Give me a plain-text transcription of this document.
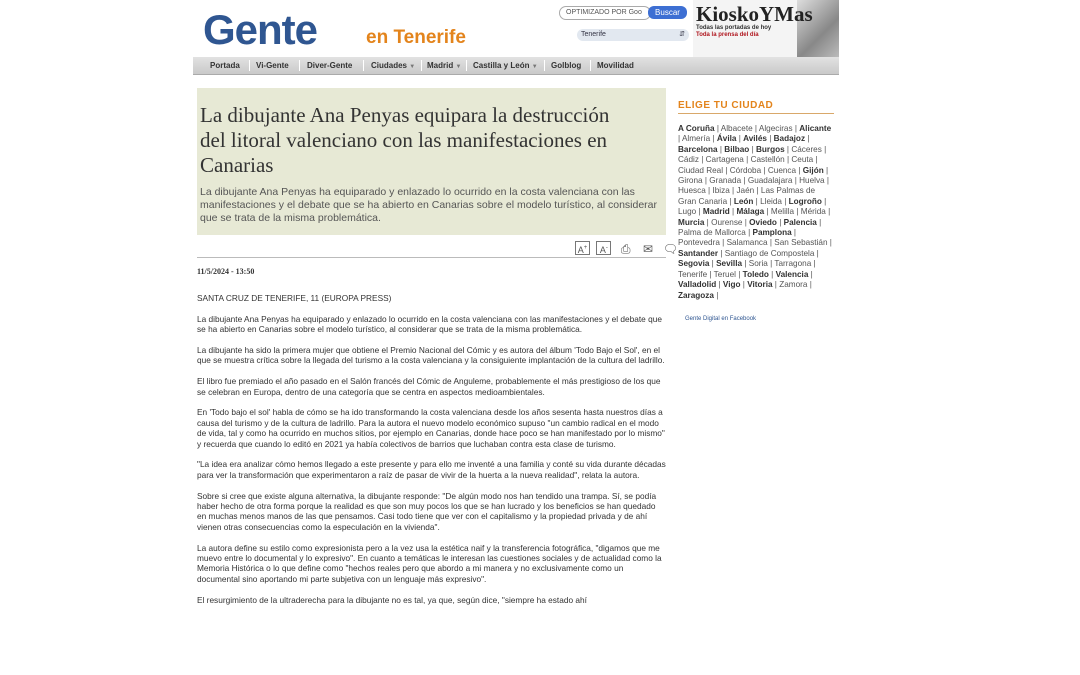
Gente	en Tenerife
OPTIMIZADO POR Goo	Buscar
Tenerife	⇵
KioskoYMas
Todas las portadas de hoy
Toda la prensa del día
Portada Vi-Gente Diver-Gente Ciudades ▼ Madrid ▼ Castilla y León ▼ Golblog Movilidad
La dibujante Ana Penyas equipara la destrucción del litoral valenciano con las manifestaciones en Canarias
La dibujante Ana Penyas ha equiparado y enlazado lo ocurrido en la costa valenciana con las manifestaciones y el debate que se ha abierto en Canarias sobre el modelo turístico, al considerar que se trata de la misma problemática.
A+ A- ⎙ ✉ 🗨
11/5/2024 - 13:50

SANTA CRUZ DE TENERIFE, 11 (EUROPA PRESS)

La dibujante Ana Penyas ha equiparado y enlazado lo ocurrido en la costa valenciana con las manifestaciones y el debate que se ha abierto en Canarias sobre el modelo turístico, al considerar que se trata de la misma problemática.

La dibujante ha sido la primera mujer que obtiene el Premio Nacional del Cómic y es autora del álbum 'Todo Bajo el Sol', en el que se muestra crítica sobre la llegada del turismo a la costa valenciana y la consiguiente implantación de la cultura del ladrillo.

El libro fue premiado el año pasado en el Salón francés del Cómic de Anguleme, probablemente el más prestigioso de los que se celebran en Europa, dentro de una categoría que se centra en aspectos medioambientales.

En 'Todo bajo el sol' habla de cómo se ha ido transformando la costa valenciana desde los años sesenta hasta nuestros días a causa del turismo y de la cultura de ladrillo. Para la autora el nuevo modelo económico supuso "un cambio radical en el modo de vida, tal y como ha ocurrido en muchos sitios, por ejemplo en Canarias, donde hace poco se han manifestado por lo mismo" y recuerda que cuando lo editó en 2021 ya había colectivos de barrios que luchaban contra esta clase de turismo.

"La idea era analizar cómo hemos llegado a este presente y para ello me inventé a una familia y conté su vida durante décadas para ver la transformación que experimentaron a raíz de pasar de vivir de la huerta a la nueva realidad", relata la autora.

Sobre si cree que existe alguna alternativa, la dibujante responde: "De algún modo nos han tendido una trampa. Sí, se podía haber hecho de otra forma porque la realidad es que son muy pocos los que se han lucrado y los beneficios se han quedado en muchas menos manos de las que pensamos. Casi todo tiene que ver con el capitalismo y la propiedad privada y de ahí vienen otras consecuencias como la especulación en la vivienda".

La autora define su estilo como expresionista pero a la vez usa la estética naif y la transferencia fotográfica, "digamos que me muevo entre lo documental y lo expresivo". En cuanto a temáticas le interesan las cuestiones sociales y de actualidad como la Memoria Histórica o lo que define como "hechos reales pero que abordo a mi manera y no exclusivamente como un documental sino aportando mi parte subjetiva con un lenguaje más expresivo".

El resurgimiento de la ultraderecha para la dibujante no es tal, ya que, según dice, "siempre ha estado ahí

ELIGE TU CIUDAD
A Coruña | Albacete | Algeciras | Alicante | Almería | Ávila | Avilés | Badajoz | Barcelona | Bilbao | Burgos | Cáceres | Cádiz | Cartagena | Castellón | Ceuta | Ciudad Real | Córdoba | Cuenca | Gijón | Girona | Granada | Guadalajara | Huelva | Huesca | Ibiza | Jaén | Las Palmas de Gran Canaria | León | Lleida | Logroño | Lugo | Madrid | Málaga | Melilla | Mérida | Murcia | Ourense | Oviedo | Palencia | Palma de Mallorca | Pamplona | Pontevedra | Salamanca | San Sebastián | Santander | Santiago de Compostela | Segovia | Sevilla | Soria | Tarragona | Tenerife | Teruel | Toledo | Valencia | Valladolid | Vigo | Vitoria | Zamora | Zaragoza |
Gente Digital en Facebook
